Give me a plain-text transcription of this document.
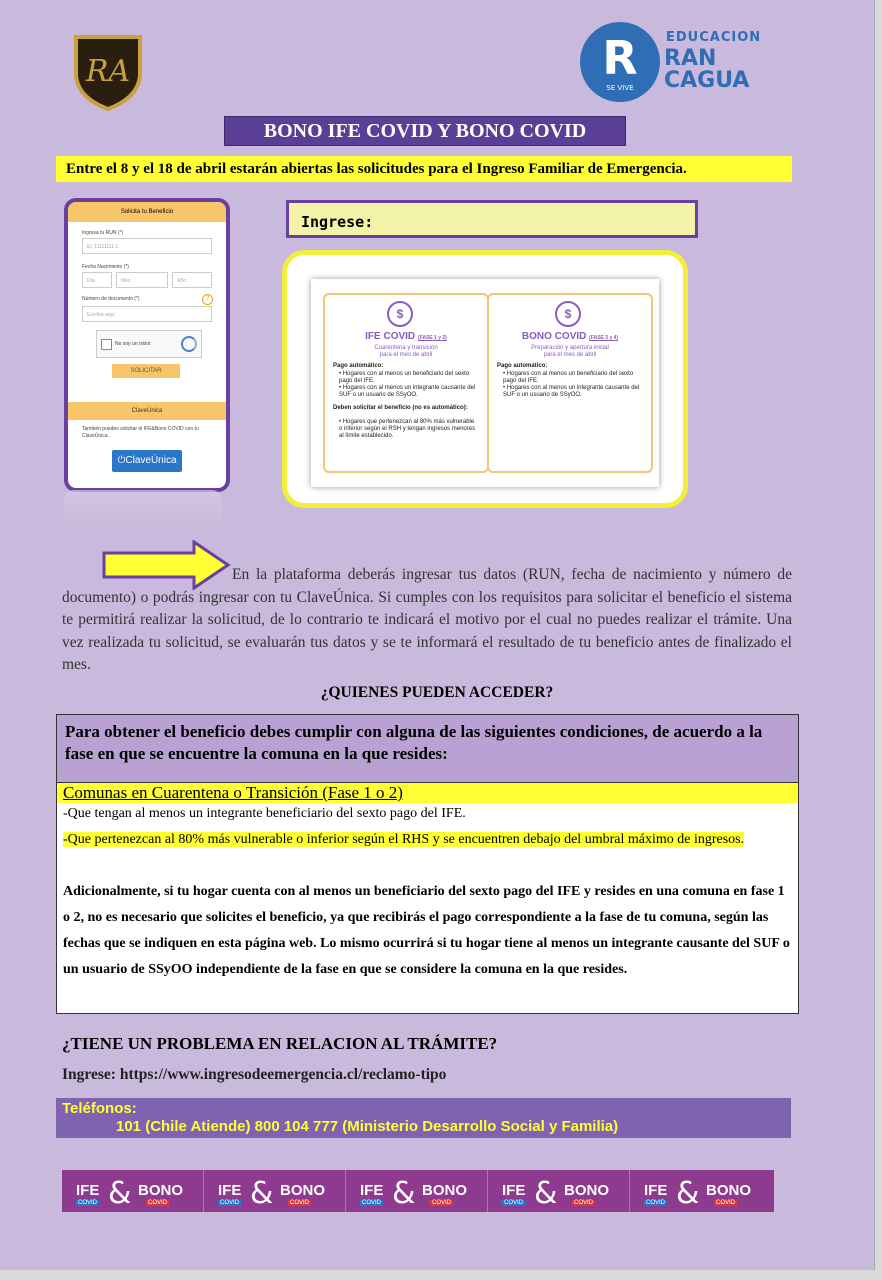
RA	R
SE VIVE
EDUCACION
RAN
CAGUA
BONO IFE COVID Y BONO COVID
Entre el 8 y el 18 de abril estarán abiertas las solicitudes para el Ingreso Familiar de Emergencia.
Solicita tu Beneficio
Ingresa tu RUN (*)
Ej: 11111111-1
Fecha Nacimiento (*)
Día	Mes	Año
Número de documento (*)	?
Escriba aquí
No soy un robot
SOLICITAR
ClaveÚnica
También puedes solicitar el IFE&Bono COVID con tu ClaveÚnica.
⏻ClaveÚnica
Ingrese:
$
IFE COVID (FASE 1 y 2)
Cuarentena y transición
para el mes de abril
Pago automático:
• Hogares con al menos un beneficiario del sexto pago del IFE.
• Hogares con al menos un integrante causante del SUF o un usuario de SSyOO.
Deben solicitar el beneficio (no es automático):
• Hogares que pertenezcan al 80% más vulnerable o inferior según el RSH y tengan ingresos menores al límite establecido.
$
BONO COVID (FASE 3 y 4)
Preparación y apertura inicial
para el mes de abril
Pago automático:
• Hogares con al menos un beneficiario del sexto pago del IFE.
• Hogares con al menos un integrante causante del SUF o un usuario de SSyOO.
En la plataforma deberás ingresar tus datos (RUN, fecha de nacimiento y número de documento) o podrás ingresar con tu ClaveÚnica. Si cumples con los requisitos para solicitar el beneficio el sistema te permitirá realizar la solicitud, de lo contrario te indicará el motivo por el cual no puedes realizar el trámite. Una vez realizada tu solicitud, se evaluarán tus datos y se te informará el resultado de tu beneficio antes de finalizado el mes.
¿QUIENES PUEDEN ACCEDER?
Para obtener el beneficio debes cumplir con alguna de las siguientes condiciones, de acuerdo a la fase en que se encuentre la comuna en la que resides:
Comunas en Cuarentena o Transición (Fase 1 o 2)
-Que tengan al menos un integrante beneficiario del sexto pago del IFE.
-Que pertenezcan al 80% más vulnerable o inferior según el RHS y se encuentren debajo del umbral máximo de ingresos.
Adicionalmente, si tu hogar cuenta con al menos un beneficiario del sexto pago del IFE y resides en una comuna en fase 1 o 2, no es necesario que solicites el beneficio, ya que recibirás el pago correspondiente a la fase de tu comuna, según las fechas que se indiquen en esta página web. Lo mismo ocurrirá si tu hogar tiene al menos un integrante causante del SUF o un usuario de SSyOO independiente de la fase en que se considere la comuna en la que resides.
¿TIENE UN PROBLEMA EN RELACION AL TRÁMITE?
Ingrese: https://www.ingresodeemergencia.cl/reclamo-tipo
Teléfonos:
101 (Chile Atiende) 800 104 777 (Ministerio Desarrollo Social y Familia)
IFE & BONO
COVID	COVID
IFE & BONO
COVID	COVID
IFE & BONO
COVID	COVID
IFE & BONO
COVID	COVID
IFE & BONO
COVID	COVID
